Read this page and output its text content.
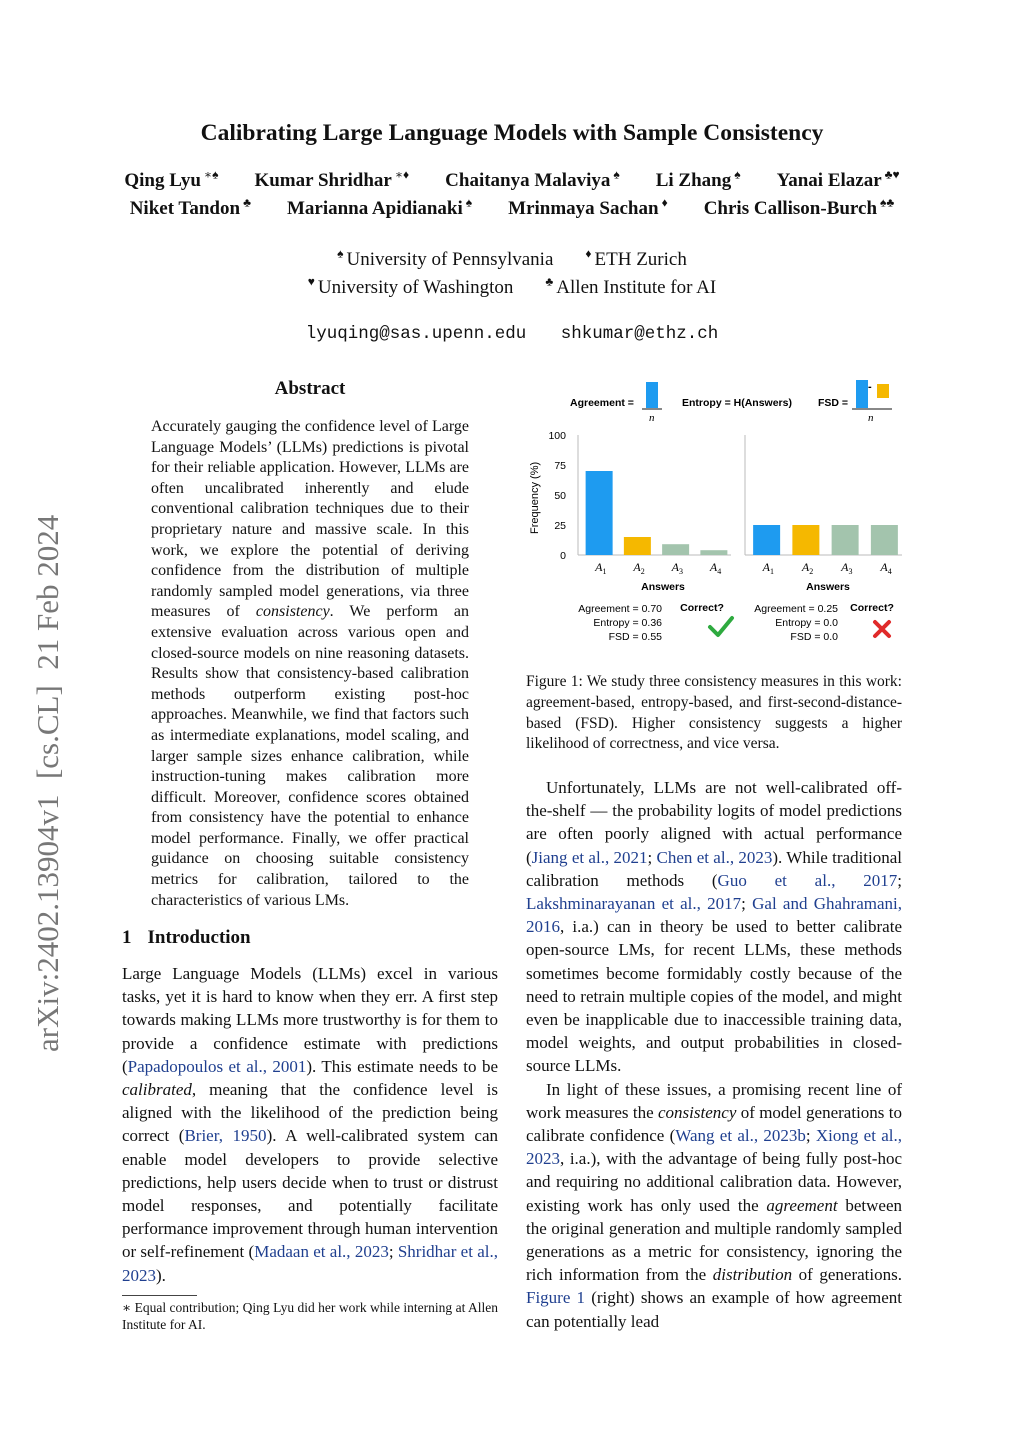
arXiv:2402.13904v1  [cs.CL]  21 Feb 2024
Calibrating Large Language Models with Sample Consistency
Qing Lyu ∗♠ Kumar Shridhar ∗♦ Chaitanya Malaviya ♠ Li Zhang ♠ Yanai Elazar ♣♥
Niket Tandon ♣ Marianna Apidianaki ♠ Mrinmaya Sachan ♦ Chris Callison-Burch ♠♣
♠ University of Pennsylvania	♦ ETH Zurich
♥ University of Washington	♣ Allen Institute for AI
lyuqing@sas.upenn.edu shkumar@ethz.ch
Abstract
Accurately gauging the confidence level of Large Language Models’ (LLMs) predictions is pivotal for their reliable application. However, LLMs are often uncalibrated inherently and elude conventional calibration techniques due to their proprietary nature and massive scale. In this work, we explore the potential of deriving confidence from the distribution of multiple randomly sampled model generations, via three measures of consistency. We perform an extensive evaluation across various open and closed-source models on nine reasoning datasets. Results show that consistency-based calibration methods outperform existing post-hoc approaches. Meanwhile, we find that factors such as intermediate explanations, model scaling, and larger sample sizes enhance calibration, while instruction-tuning makes calibration more difficult. Moreover, confidence scores obtained from consistency have the potential to enhance model performance. Finally, we offer practical guidance on choosing suitable consistency metrics for calibration, tailored to the characteristics of various LMs.
1 Introduction
Large Language Models (LLMs) excel in various tasks, yet it is hard to know when they err. A first step towards making LLMs more trustworthy is for them to provide a confidence estimate with predictions (Papadopoulos et al., 2001). This estimate needs to be calibrated, meaning that the confidence level is aligned with the likelihood of the prediction being correct (Brier, 1950). A well-calibrated system can enable model developers to provide selective predictions, help users decide when to trust or distrust model responses, and potentially facilitate performance improvement through human intervention or self-refinement (Madaan et al., 2023; Shridhar et al., 2023).
∗ Equal contribution; Qing Lyu did her work while interning at Allen Institute for AI.
Agreement =
n
Entropy = H(Answers) FSD =
-
n
Frequency (%)
0
25
50
75
100
$A_1$ $A_2$ $A_3$ $A_4$
Answers
Agreement = 0.70
Entropy = 0.36
FSD = 0.55
Correct?
$A_1$ $A_2$ $A_3$ $A_4$
Answers
Agreement = 0.25
Entropy = 0.0
FSD = 0.0
Correct?
Figure 1: We study three consistency measures in this work: agreement-based, entropy-based, and first-second-distance-based (FSD). Higher consistency suggests a higher likelihood of correctness, and vice versa.

Unfortunately, LLMs are not well-calibrated off-the-shelf — the probability logits of model predictions are often poorly aligned with actual performance (Jiang et al., 2021; Chen et al., 2023). While traditional calibration methods (Guo et al., 2017; Lakshminarayanan et al., 2017; Gal and Ghahramani, 2016, i.a.) can in theory be used to better calibrate open-source LMs, for recent LLMs, these methods sometimes become formidably costly because of the need to retrain multiple copies of the model, and might even be inapplicable due to inaccessible training data, model weights, and output probabilities in closed-source LLMs.

In light of these issues, a promising recent line of work measures the consistency of model generations to calibrate confidence (Wang et al., 2023b; Xiong et al., 2023, i.a.), with the advantage of being fully post-hoc and requiring no additional calibration data. However, existing work has only used the agreement between the original generation and multiple randomly sampled generations as a metric for consistency, ignoring the rich information from the distribution of generations. Figure 1 (right) shows an example of how agreement can potentially lead
